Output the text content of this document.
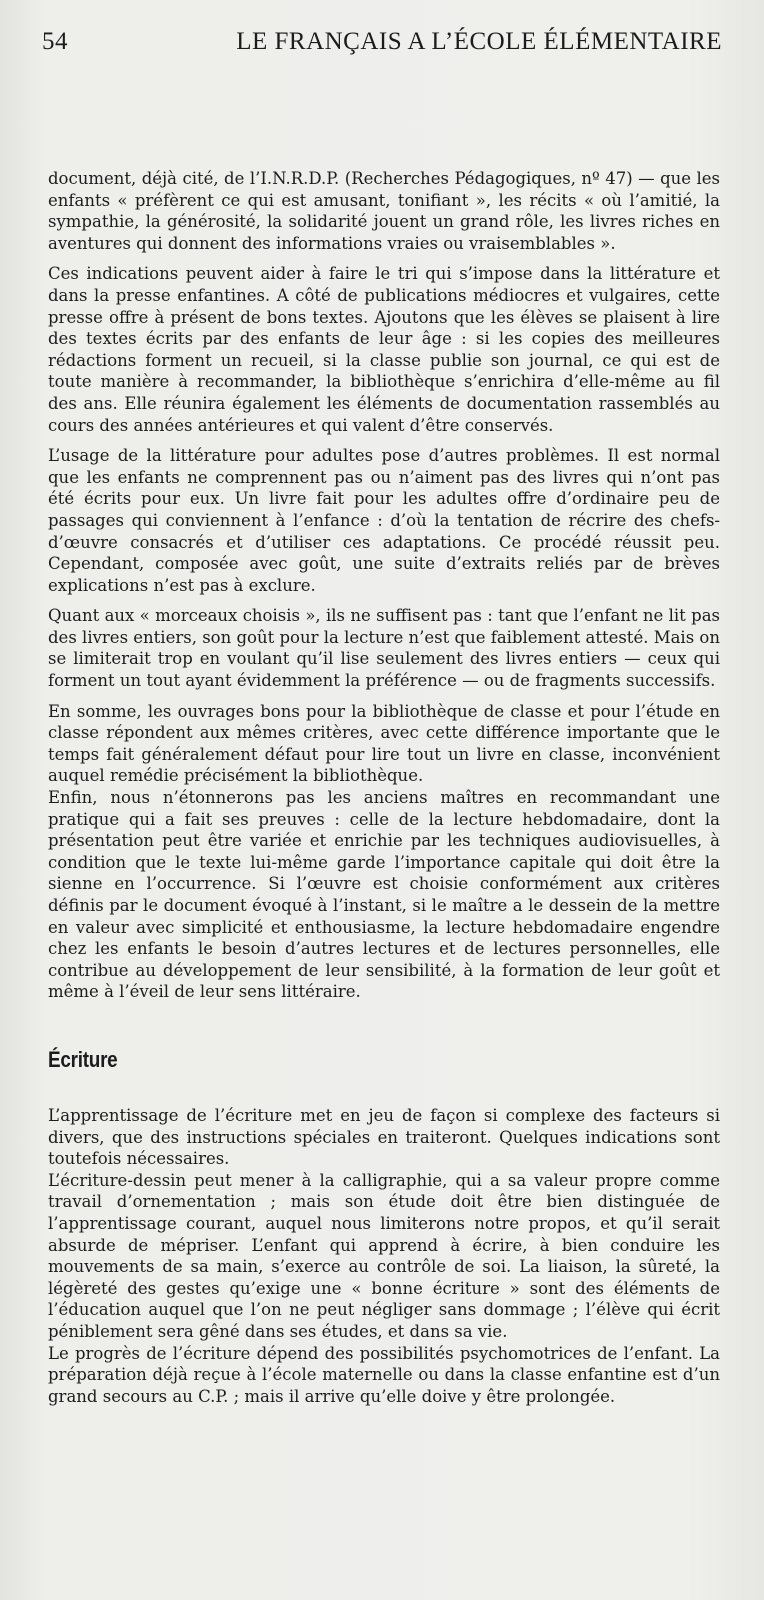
54	LE FRANÇAIS A L’ÉCOLE ÉLÉMENTAIRE

document, déjà cité, de l’I.N.R.D.P. (Recherches Pédagogiques, nº 47) — que les enfants « préfèrent ce qui est amusant, tonifiant », les récits « où l’amitié, la sympathie, la générosité, la solidarité jouent un grand rôle, les livres riches en aventures qui donnent des informations vraies ou vraisemblables ».

Ces indications peuvent aider à faire le tri qui s’impose dans la littérature et dans la presse enfantines. A côté de publications médiocres et vulgaires, cette presse offre à présent de bons textes. Ajoutons que les élèves se plaisent à lire des textes écrits par des enfants de leur âge : si les copies des meilleures rédactions forment un recueil, si la classe publie son journal, ce qui est de toute manière à recommander, la bibliothèque s’enrichira d’elle-même au fil des ans. Elle réunira également les éléments de documentation rassemblés au cours des années antérieures et qui valent d’être conservés.

L’usage de la littérature pour adultes pose d’autres problèmes. Il est normal que les enfants ne comprennent pas ou n’aiment pas des livres qui n’ont pas été écrits pour eux. Un livre fait pour les adultes offre d’ordinaire peu de passages qui conviennent à l’enfance : d’où la tentation de récrire des chefs-d’œuvre consacrés et d’utiliser ces adaptations. Ce procédé réussit peu. Cependant, composée avec goût, une suite d’extraits reliés par de brèves explications n’est pas à exclure.

Quant aux « morceaux choisis », ils ne suffisent pas : tant que l’enfant ne lit pas des livres entiers, son goût pour la lecture n’est que faiblement attesté. Mais on se limiterait trop en voulant qu’il lise seulement des livres entiers — ceux qui forment un tout ayant évidemment la préférence — ou de fragments successifs.

En somme, les ouvrages bons pour la bibliothèque de classe et pour l’étude en classe répondent aux mêmes critères, avec cette différence importante que le temps fait généralement défaut pour lire tout un livre en classe, inconvénient auquel remédie précisément la bibliothèque.

Enfin, nous n’étonnerons pas les anciens maîtres en recommandant une pratique qui a fait ses preuves : celle de la lecture hebdomadaire, dont la présentation peut être variée et enrichie par les techniques audiovisuelles, à condition que le texte lui-même garde l’importance capitale qui doit être la sienne en l’occurrence. Si l’œuvre est choisie conformément aux critères définis par le document évoqué à l’instant, si le maître a le dessein de la mettre en valeur avec simplicité et enthousiasme, la lecture hebdomadaire engendre chez les enfants le besoin d’autres lectures et de lectures personnelles, elle contribue au développement de leur sensibilité, à la formation de leur goût et même à l’éveil de leur sens littéraire.

Écriture

L’apprentissage de l’écriture met en jeu de façon si complexe des facteurs si divers, que des instructions spéciales en traiteront. Quelques indications sont toutefois nécessaires.

L’écriture-dessin peut mener à la calligraphie, qui a sa valeur propre comme travail d’ornementation ; mais son étude doit être bien distinguée de l’apprentissage courant, auquel nous limiterons notre propos, et qu’il serait absurde de mépriser. L’enfant qui apprend à écrire, à bien conduire les mouvements de sa main, s’exerce au contrôle de soi. La liaison, la sûreté, la légèreté des gestes qu’exige une « bonne écriture » sont des éléments de l’éducation auquel que l’on ne peut négliger sans dommage ; l’élève qui écrit péniblement sera gêné dans ses études, et dans sa vie.

Le progrès de l’écriture dépend des possibilités psychomotrices de l’enfant. La préparation déjà reçue à l’école maternelle ou dans la classe enfantine est d’un grand secours au C.P. ; mais il arrive qu’elle doive y être prolongée.
